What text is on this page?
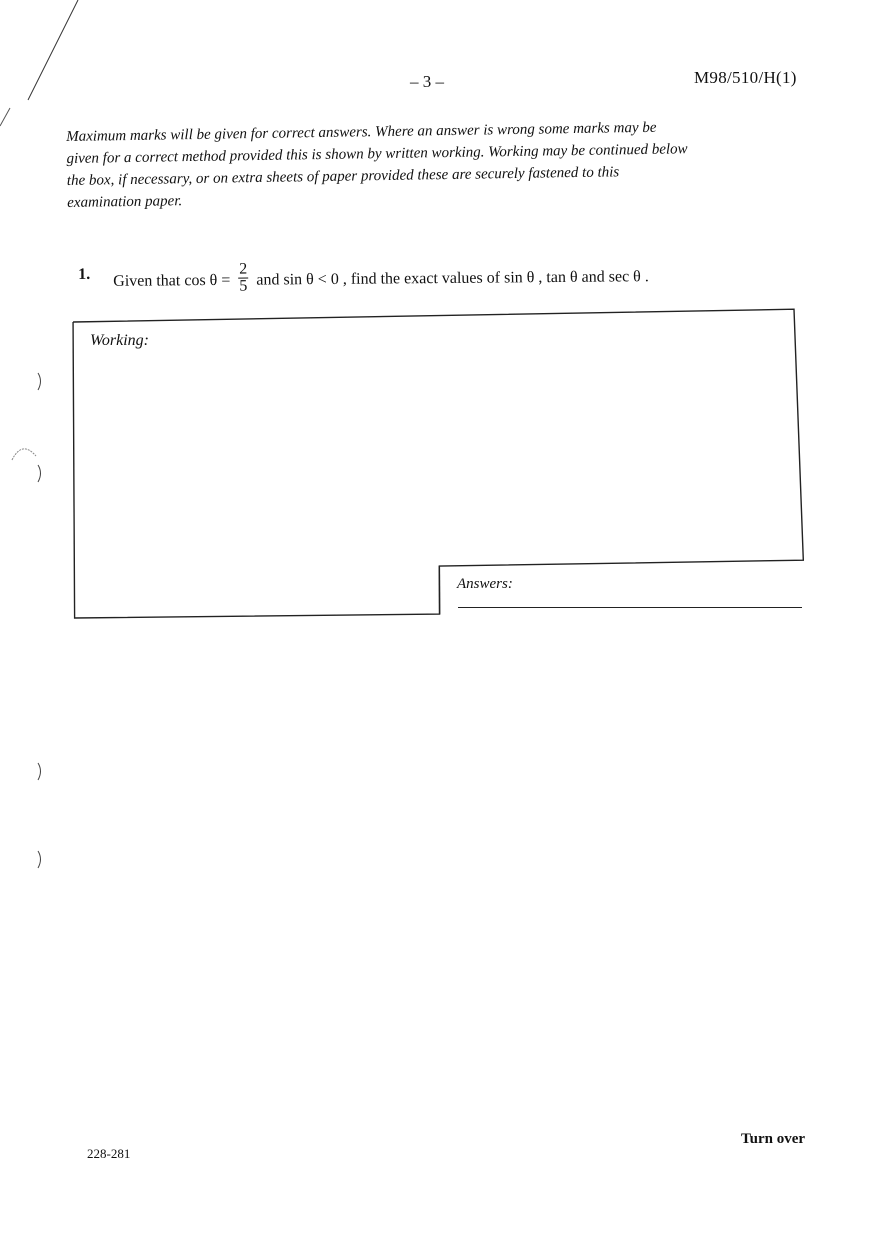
– 3 –	M98/510/H(1)
Maximum marks will be given for correct answers. Where an answer is wrong some marks may be
given for a correct method provided this is shown by written working. Working may be continued below
the box, if necessary, or on extra sheets of paper provided these are securely fastened to this
examination paper.
1. Given that $\cos \theta = \frac{2}{5}$ and sin θ < 0 , find the exact values of sin θ , tan θ and sec θ .
Working:
Answers:
228-281
Turn over
